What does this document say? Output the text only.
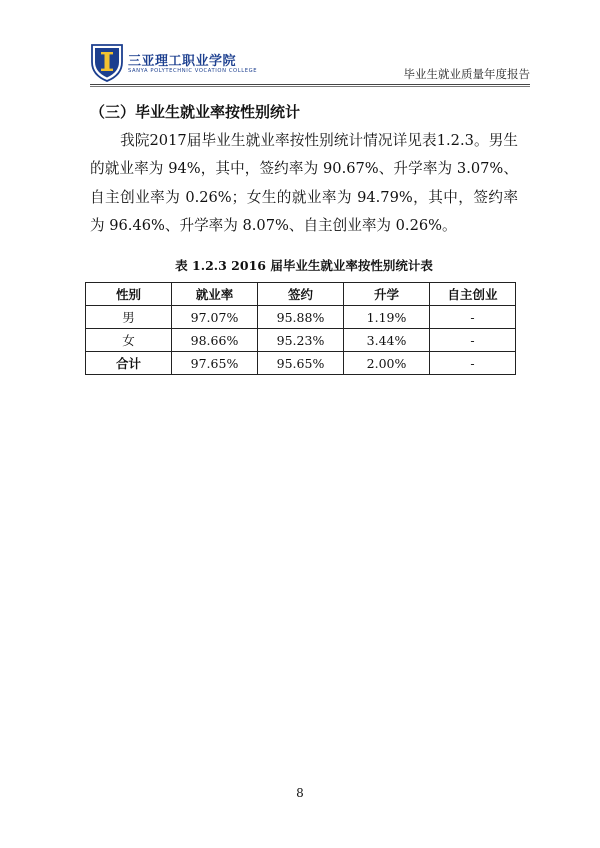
三亚理工职业学院
SANYA POLYTECHNIC VOCATION COLLEGE	毕业生就业质量年度报告
（三）毕业生就业率按性别统计
我院2017届毕业生就业率按性别统计情况详见表1.2.3。男生的就业率为 94%，其中，签约率为 90.67%、升学率为 3.07%、自主创业率为 0.26%；女生的就业率为 94.79%，其中，签约率为 96.46%、升学率为 8.07%、自主创业率为 0.26%。
表 1.2.3 2016 届毕业生就业率按性别统计表
性别	就业率	签约	升学	自主创业
男	97.07%	95.88%	1.19%	-
女	98.66%	95.23%	3.44%	-
合计	97.65%	95.65%	2.00%	-
8
